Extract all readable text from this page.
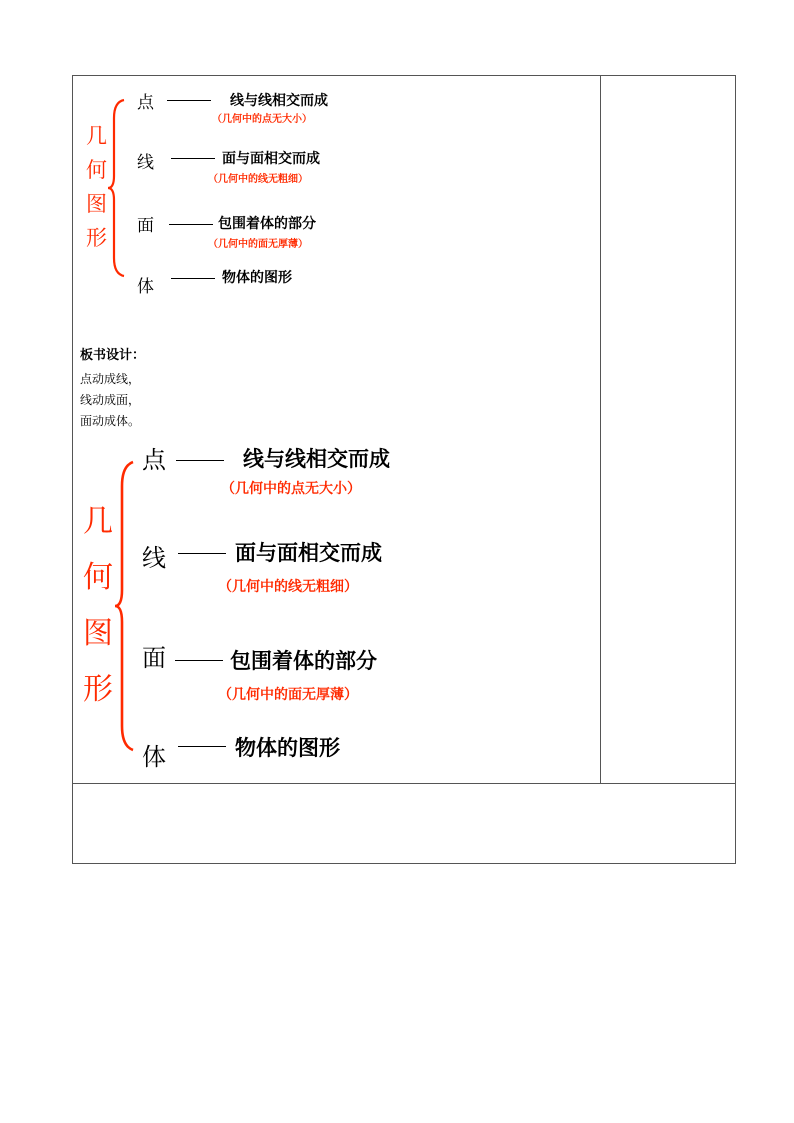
几
何
图
形
点	线与线相交而成
（几何中的点无大小）
线	面与面相交而成
（几何中的线无粗细）
面	包围着体的部分
（几何中的面无厚薄）
体	物体的图形
板书设计：
点动成线，
线动成面，
面动成体。
几
何
图
形
点	线与线相交而成
（几何中的点无大小）
线	面与面相交而成
（几何中的线无粗细）
面	包围着体的部分
（几何中的面无厚薄）
体	物体的图形
